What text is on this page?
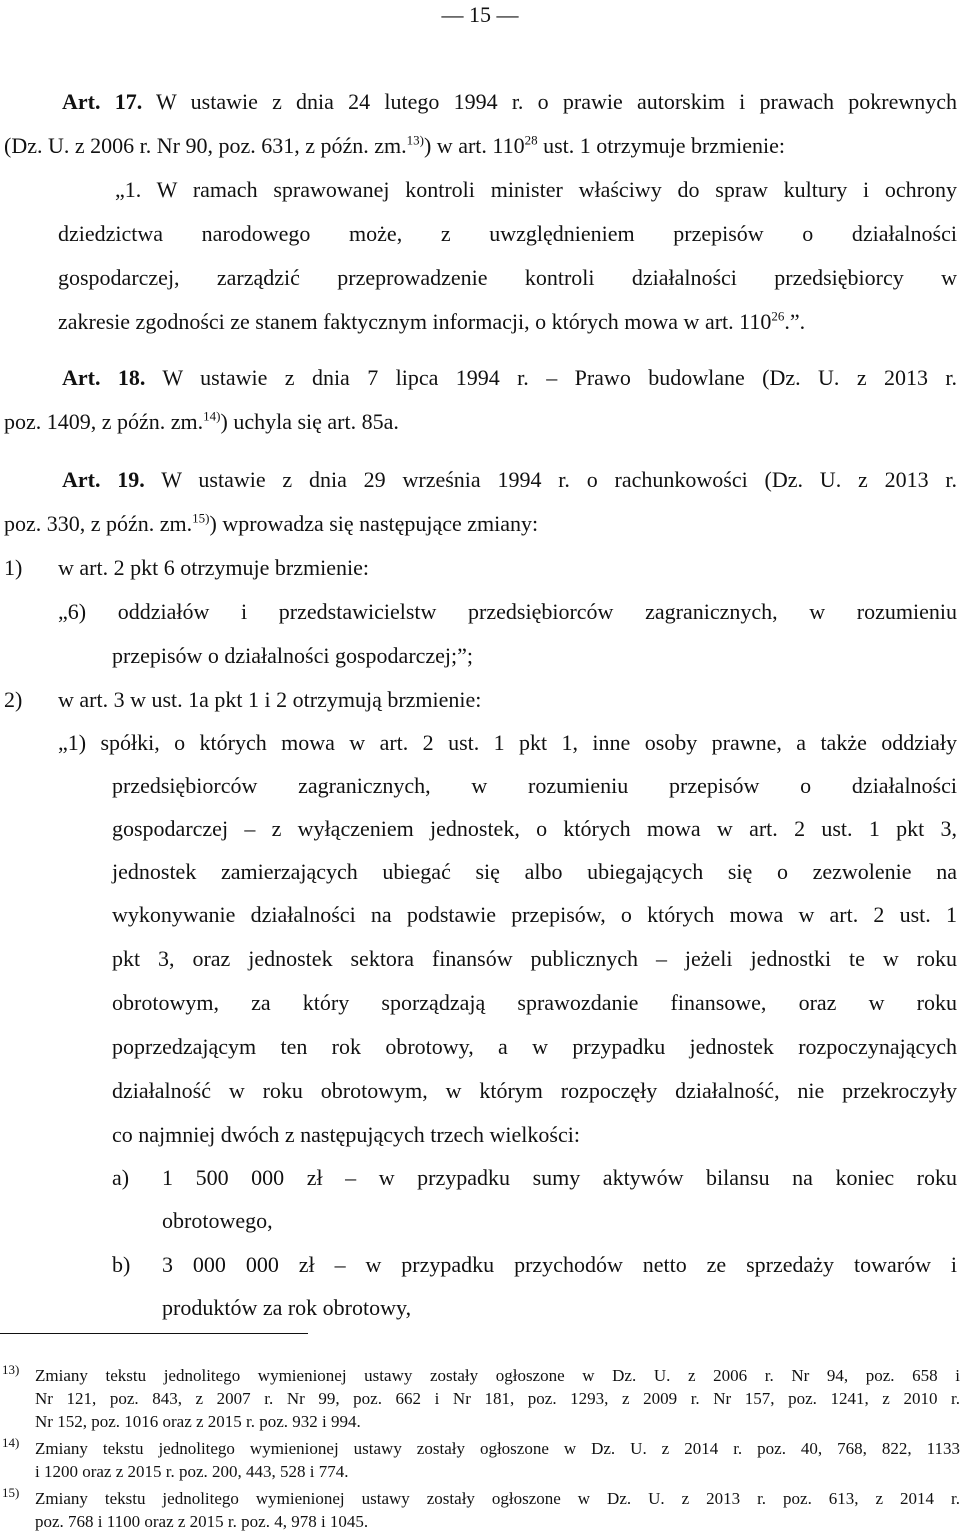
— 15 —
Art. 17. W ustawie z dnia 24 lutego 1994 r. o prawie autorskim i prawach pokrewnych
(Dz. U. z 2006 r. Nr 90, poz. 631, z późn. zm.$^{13)}$) w art. $110^{28}$ ust. 1 otrzymuje brzmienie:
„1. W ramach sprawowanej kontroli minister właściwy do spraw kultury i ochrony
dziedzictwa narodowego może, z uwzględnieniem przepisów o działalności
gospodarczej, zarządzić przeprowadzenie kontroli działalności przedsiębiorcy w
zakresie zgodności ze stanem faktycznym informacji, o których mowa w art. $110^{26}$.”.
Art. 18. W ustawie z dnia 7 lipca 1994 r. – Prawo budowlane (Dz. U. z 2013 r.
poz. 1409, z późn. zm.$^{14)}$) uchyla się art. 85a.
Art. 19. W ustawie z dnia 29 września 1994 r. o rachunkowości (Dz. U. z 2013 r.
poz. 330, z późn. zm.$^{15)}$) wprowadza się następujące zmiany:
1) w art. 2 pkt 6 otrzymuje brzmienie:
„6) oddziałów i przedstawicielstw przedsiębiorców zagranicznych, w rozumieniu
przepisów o działalności gospodarczej;”;
2) w art. 3 w ust. 1a pkt 1 i 2 otrzymują brzmienie:
„1) spółki, o których mowa w art. 2 ust. 1 pkt 1, inne osoby prawne, a także oddziały
przedsiębiorców zagranicznych, w rozumieniu przepisów o działalności
gospodarczej – z wyłączeniem jednostek, o których mowa w art. 2 ust. 1 pkt 3,
jednostek zamierzających ubiegać się albo ubiegających się o zezwolenie na
wykonywanie działalności na podstawie przepisów, o których mowa w art. 2 ust. 1
pkt 3, oraz jednostek sektora finansów publicznych – jeżeli jednostki te w roku
obrotowym, za który sporządzają sprawozdanie finansowe, oraz w roku
poprzedzającym ten rok obrotowy, a w przypadku jednostek rozpoczynających
działalność w roku obrotowym, w którym rozpoczęły działalność, nie przekroczyły
co najmniej dwóch z następujących trzech wielkości:
a)	1 500 000 zł – w przypadku sumy aktywów bilansu na koniec roku
obrotowego,
b)	3 000 000 zł – w przypadku przychodów netto ze sprzedaży towarów i
produktów za rok obrotowy,
13) Zmiany tekstu jednolitego wymienionej ustawy zostały ogłoszone w Dz. U. z 2006 r. Nr 94, poz. 658 i
Nr 121, poz. 843, z 2007 r. Nr 99, poz. 662 i Nr 181, poz. 1293, z 2009 r. Nr 157, poz. 1241, z 2010 r.
Nr 152, poz. 1016 oraz z 2015 r. poz. 932 i 994.
14) Zmiany tekstu jednolitego wymienionej ustawy zostały ogłoszone w Dz. U. z 2014 r. poz. 40, 768, 822, 1133
i 1200 oraz z 2015 r. poz. 200, 443, 528 i 774.
15) Zmiany tekstu jednolitego wymienionej ustawy zostały ogłoszone w Dz. U. z 2013 r. poz. 613, z 2014 r.
poz. 768 i 1100 oraz z 2015 r. poz. 4, 978 i 1045.
